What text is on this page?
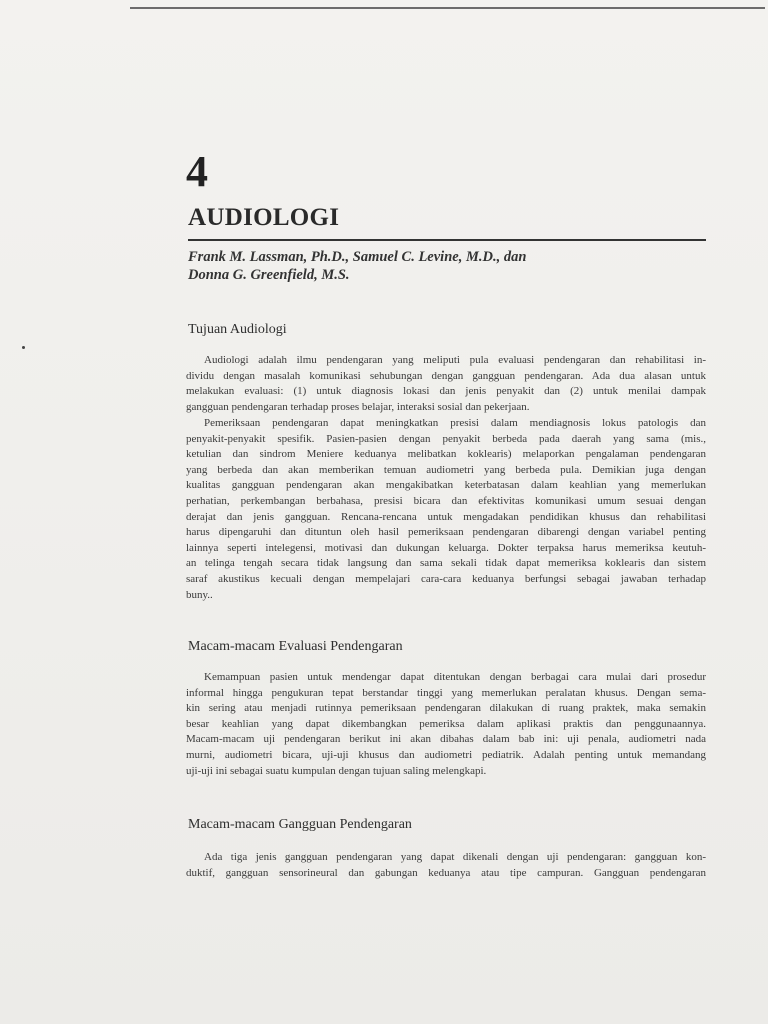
4
AUDIOLOGI
Frank M. Lassman, Ph.D., Samuel C. Levine, M.D., dan
Donna G. Greenfield, M.S.
Tujuan Audiologi
Audiologi adalah ilmu pendengaran yang meliputi pula evaluasi pendengaran dan rehabilitasi in-
dividu dengan masalah komunikasi sehubungan dengan gangguan pendengaran. Ada dua alasan untuk
melakukan evaluasi: (1) untuk diagnosis lokasi dan jenis penyakit dan (2) untuk menilai dampak
gangguan pendengaran terhadap proses belajar, interaksi sosial dan pekerjaan.
Pemeriksaan pendengaran dapat meningkatkan presisi dalam mendiagnosis lokus patologis dan
penyakit-penyakit spesifik. Pasien-pasien dengan penyakit berbeda pada daerah yang sama (mis.,
ketulian dan sindrom Meniere keduanya melibatkan koklearis) melaporkan pengalaman pendengaran
yang berbeda dan akan memberikan temuan audiometri yang berbeda pula. Demikian juga dengan
kualitas gangguan pendengaran akan mengakibatkan keterbatasan dalam keahlian yang memerlukan
perhatian, perkembangan berbahasa, presisi bicara dan efektivitas komunikasi umum sesuai dengan
derajat dan jenis gangguan. Rencana-rencana untuk mengadakan pendidikan khusus dan rehabilitasi
harus dipengaruhi dan dituntun oleh hasil pemeriksaan pendengaran dibarengi dengan variabel penting
lainnya seperti intelegensi, motivasi dan dukungan keluarga. Dokter terpaksa harus memeriksa keutuh-
an telinga tengah secara tidak langsung dan sama sekali tidak dapat memeriksa koklearis dan sistem
saraf akustikus kecuali dengan mempelajari cara-cara keduanya berfungsi sebagai jawaban terhadap
buny..
Macam-macam Evaluasi Pendengaran
Kemampuan pasien untuk mendengar dapat ditentukan dengan berbagai cara mulai dari prosedur
informal hingga pengukuran tepat berstandar tinggi yang memerlukan peralatan khusus. Dengan sema-
kin sering atau menjadi rutinnya pemeriksaan pendengaran dilakukan di ruang praktek, maka semakin
besar keahlian yang dapat dikembangkan pemeriksa dalam aplikasi praktis dan penggunaannya.
Macam-macam uji pendengaran berikut ini akan dibahas dalam bab ini: uji penala, audiometri nada
murni, audiometri bicara, uji-uji khusus dan audiometri pediatrik. Adalah penting untuk memandang
uji-uji ini sebagai suatu kumpulan dengan tujuan saling melengkapi.
Macam-macam Gangguan Pendengaran
Ada tiga jenis gangguan pendengaran yang dapat dikenali dengan uji pendengaran: gangguan kon-
duktif, gangguan sensorineural dan gabungan keduanya atau tipe campuran. Gangguan pendengaran
